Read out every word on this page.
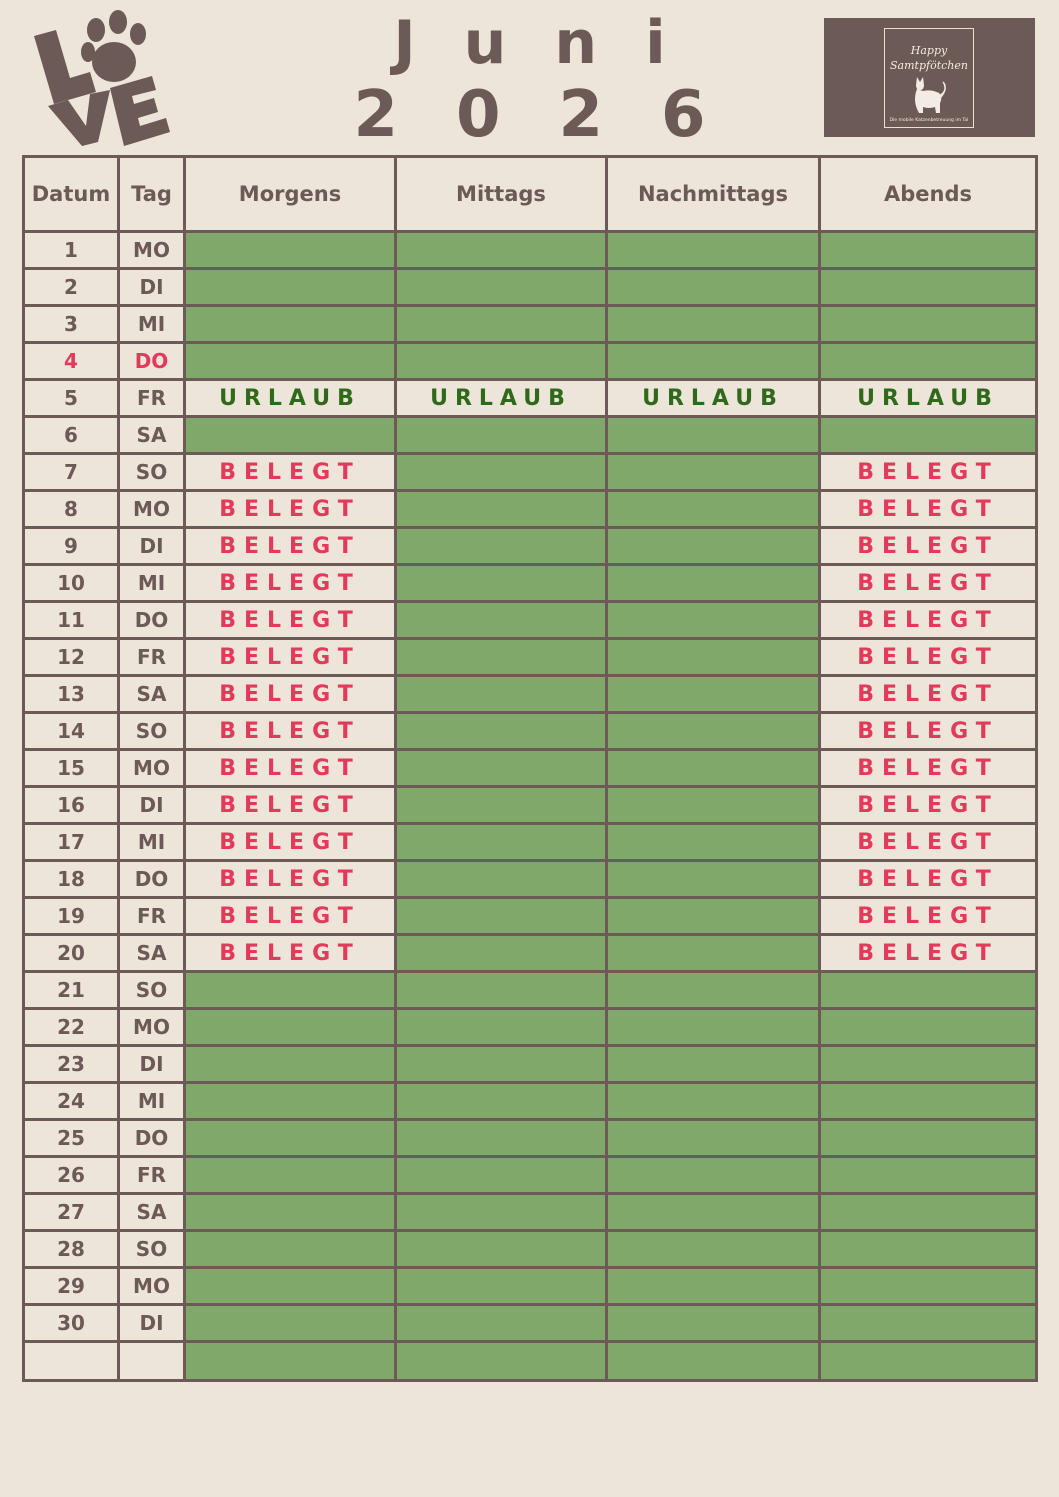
LOVE	Juni
2026
Happy
Samtpfötchen
Die mobile Katzenbetreuung im Tal
Datum	Tag	Morgens	Mittags	Nachmittags	Abends
1	MO				
2	DI				
3	MI				
4	DO				
5	FR	URLAUB	URLAUB	URLAUB	URLAUB
6	SA				
7	SO	BELEGT			BELEGT
8	MO	BELEGT			BELEGT
9	DI	BELEGT			BELEGT
10	MI	BELEGT			BELEGT
11	DO	BELEGT			BELEGT
12	FR	BELEGT			BELEGT
13	SA	BELEGT			BELEGT
14	SO	BELEGT			BELEGT
15	MO	BELEGT			BELEGT
16	DI	BELEGT			BELEGT
17	MI	BELEGT			BELEGT
18	DO	BELEGT			BELEGT
19	FR	BELEGT			BELEGT
20	SA	BELEGT			BELEGT
21	SO				
22	MO				
23	DI				
24	MI				
25	DO				
26	FR				
27	SA				
28	SO				
29	MO				
30	DI				
